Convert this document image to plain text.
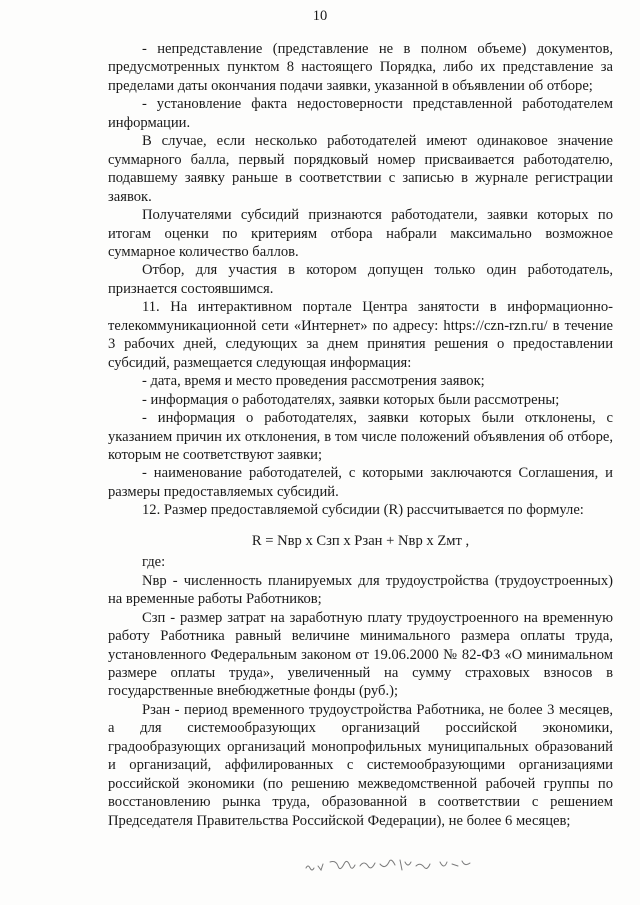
10

- непредставление (представление не в полном объеме) документов, предусмотренных пунктом 8 настоящего Порядка, либо их представление за пределами даты окончания подачи заявки, указанной в объявлении об отборе;

- установление факта недостоверности представленной работодателем информации.

В случае, если несколько работодателей имеют одинаковое значение суммарного балла, первый порядковый номер присваивается работодателю, подавшему заявку раньше в соответствии с записью в журнале регистрации заявок.

Получателями субсидий признаются работодатели, заявки которых по итогам оценки по критериям отбора набрали максимально возможное суммарное количество баллов.

Отбор, для участия в котором допущен только один работодатель, признается состоявшимся.

11. На интерактивном портале Центра занятости в информационно-телекоммуникационной сети «Интернет» по адресу: https://czn-rzn.ru/ в течение 3 рабочих дней, следующих за днем принятия решения о предоставлении субсидий, размещается следующая информация:

- дата, время и место проведения рассмотрения заявок;

- информация о работодателях, заявки которых были рассмотрены;

- информация о работодателях, заявки которых были отклонены, с указанием причин их отклонения, в том числе положений объявления об отборе, которым не соответствуют заявки;

- наименование работодателей, с которыми заключаются Соглашения, и размеры предоставляемых субсидий.

12. Размер предоставляемой субсидии (R) рассчитывается по формуле:

R = Nвр x Сзп x Рзан + Nвр x Zмт ,

где:

Nвр - численность планируемых для трудоустройства (трудоустроенных) на временные работы Работников;

Сзп - размер затрат на заработную плату трудоустроенного на временную работу Работника равный величине минимального размера оплаты труда, установленного Федеральным законом от 19.06.2000 № 82-ФЗ «О минимальном размере оплаты труда», увеличенный на сумму страховых взносов в государственные внебюджетные фонды (руб.);

Рзан - период временного трудоустройства Работника, не более 3 месяцев, а для системообразующих организаций российской экономики, градообразующих организаций монопрофильных муниципальных образований и организаций, аффилированных с системообразующими организациями российской экономики (по решению межведомственной рабочей группы по восстановлению рынка труда, образованной в соответствии с решением Председателя Правительства Российской Федерации), не более 6 месяцев;
